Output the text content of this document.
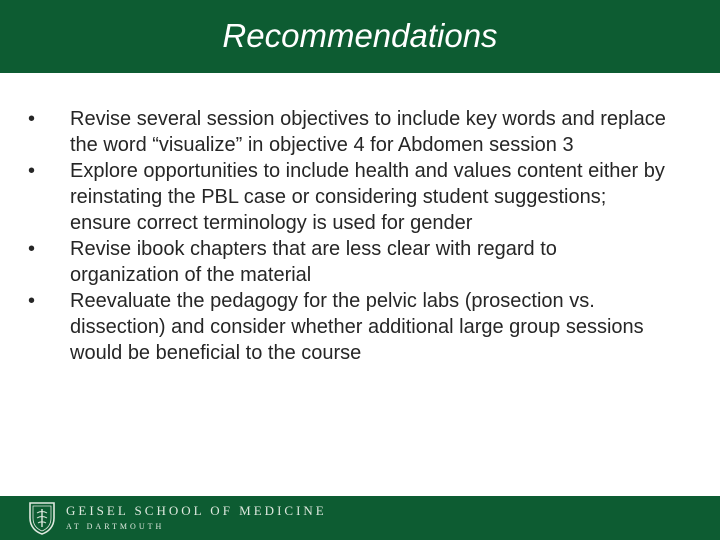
Recommendations
•	Revise several session objectives to include key words and replace the word “visualize” in objective 4 for Abdomen session 3
•	Explore opportunities to include health and values content either by reinstating the PBL case or considering student suggestions; ensure correct terminology is used for gender
•	Revise ibook chapters that are less clear with regard to organization of the material
•	Reevaluate the pedagogy for the pelvic labs (prosection vs. dissection) and consider whether additional large group sessions would be beneficial to the course
GEISEL SCHOOL OF MEDICINE
AT DARTMOUTH
